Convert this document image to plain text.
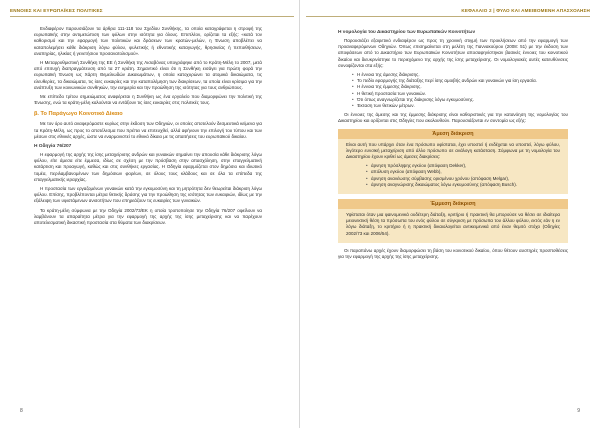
ΕΝΝΟΙΕΣ ΚΑΙ ΕΥΡΩΠΑΪΚΕΣ ΠΟΛΙΤΙΚΕΣ

Ενδιαφέρον παρουσιάζουν τα άρθρα 111-118 του Σχεδίου Συνθήκης, τα οποία καταγράφεται η στροφή της ευρωπαϊκής στην αντιμετώπιση των φύλων στην ισότητα για όλους. Επιπλέον, ορίζεται τα εξής: «κατά τον καθορισμό και την εφαρμογή των πολιτικών και δράσεων των κρατών-μελών, η Ένωση αποβλέπει να καταπολεμήσει κάθε διάκριση λόγω φύλου, φυλετικής ή εθνοτικής καταγωγής, θρησκείας ή πεποιθήσεων, αναπηρίας, ηλικίας ή γενετήσιου προσανατολισμού».

Η Μεταρρυθμιστική Συνθήκη της ΕΕ ή Συνθήκη της Λισαβόνας υπογράφηκε από το Κράτη-Μέλη το 2007, μετά από επιτυχή διαπραγμάτευση από τα 27 κράτη. Σημαντικό είναι ότι η Συνθήκη εισάγει για πρώτη φορά την ευρωπαϊκή Ένωση ως Χάρτη Θεμελιωδών Δικαιωμάτων, η οποία κατοχυρώνει τα ατομικά δικαιώματα, τις ελευθερίες, τα δικαιώματα, τις ίσες ευκαιρίες και την καταπολέμηση των διακρίσεων, τα οποία είναι κρίσιμα για την ανάπτυξη των κοινωνικών συνθηκών, την ευημερία και την προώθηση της ισότητας για τους ανθρώπους.

Με επίπεδο τρίτου σημειώματος αναφέρεται η Συνθήκη ως ένα εργαλείο που διαμορφώνει την πολιτική της Ένωσης, ενώ τα κράτη-μέλη καλούνται να εντάξουν τις ίσες ευκαιρίες στις πολιτικές τους.

β. Το Παράγωγο Κοινοτικό Δίκαιο

Με τον όρο αυτό αναφερόμαστε κυρίως στην έκδοση των Οδηγιών, οι οποίες αποτελούν δεσμευτικά κείμενα για τα Κράτη-Μέλη, ως προς το αποτέλεσμα που πρέπει να επιτευχθεί, αλλά αφήνουν την επιλογή του τύπου και των μέσων στις εθνικές αρχές, ώστε να εναρμονιστεί το εθνικό δίκαιο με τις απαιτήσεις του ευρωπαϊκού δικαίου.

Η Οδηγία 76/207

Η εφαρμογή της αρχής της ίσης μεταχείρισης ανδρών και γυναικών σημαίνει την απουσία κάθε διάκρισης λόγω φύλου, είτε άμεσα είτε έμμεσα, ιδίως σε σχέση με την πρόσβαση στην απασχόληση, στην επαγγελματική κατάρτιση και προαγωγή, καθώς και στις συνθήκες εργασίας. Η Οδηγία εφαρμόζεται στον δημόσιο και ιδιωτικό τομέα, περιλαμβανομένων των δημόσιων φορέων, σε όλους τους κλάδους και σε όλα τα επίπεδα της επαγγελματικής ιεραρχίας.

Η προστασία των εργαζομένων γυναικών κατά την εγκυμοσύνη και τη μητρότητα δεν θεωρείται διάκριση λόγω φύλου. Επίσης, προβλέπονται μέτρα θετικής δράσης για την προώθηση της ισότητας των ευκαιριών, ιδίως με την εξάλειψη των υφιστάμενων ανισοτήτων που επηρεάζουν τις ευκαιρίες των γυναικών.

Τα κράτη-μέλη σύμφωνα με την Οδηγία 2002/73/ΕΚ η οποία τροποποίησε την Οδηγία 76/207 οφείλουν να λαμβάνουν τα απαραίτητα μέτρα για την εφαρμογή της αρχής της ίσης μεταχείρισης και να παρέχουν αποτελεσματική δικαστική προστασία στα θύματα των διακρίσεων.

8
ΚΕΦΑΛΑΙΟ 2 | ΦΥΛΟ ΚΑΙ ΑΜΕΙΒΟΜΕΝΗ ΑΠΑΣΧΟΛΗΣΗ
Η νομολογία του Δικαστηρίου των Ευρωπαϊκών Κοινοτήτων

Παρουσιάζει εξαιρετικό ενδιαφέρον ως προς τη χρονική στιγμή των προκλήσεων από την εφαρμογή των προαναφερόμενων Οδηγιών. Όπως επισημαίνεται στη μελέτη της Γιαννακούρου (2008: 51) με την έκδοση των αποφάσεων από το Δικαστήριο των Ευρωπαϊκών Κοινοτήτων αποσαφηνίστηκαν βασικές έννοιες του κοινοτικού δικαίου και διευκρινίστηκε το περιεχόμενο της αρχής της ίσης μεταχείρισης. Οι νομολογιακές αυτές κατευθύνσεις συνοψίζονται στα εξής:

• Η έννοια της άμεσης διάκρισης.
• Το πεδίο εφαρμογής της διάταξης περί ίσης αμοιβής ανδρών και γυναικών για ίση εργασία.
• Η έννοια της έμμεσης διάκρισης.
• Η θετική προστασία των γυναικών.
• Ότι όπως αναγνωρίζεται της διάκρισης λόγω εγκυμοσύνης.
• Έκταση των θετικών μέτρων.

Οι έννοιες της άμεσης και της έμμεσης διάκρισης είναι καθοριστικές για την κατανόηση της νομολογίας του Δικαστηρίου και ορίζονται στις Οδηγίες που ακολουθούν. Παρουσιάζονται εν συντομία ως εξής:

Άμεση διάκριση

Είναι αυτή που υπάρχει όταν ένα πρόσωπο υφίσταται, έχει υποστεί ή ενδέχεται να υποστεί, λόγω φύλου, λιγότερο ευνοϊκή μεταχείριση από άλλο πρόσωπο σε ανάλογη κατάσταση. Σύμφωνα με τη νομολογία του Δικαστηρίου έχουν κριθεί ως άμεσες διακρίσεις:

• άρνηση πρόσληψης εγκύου (απόφαση Dekker),
• απόλυση εγκύου (απόφαση Webb),
• άρνηση ανανέωσης σύμβασης ορισμένου χρόνου (απόφαση Melgar),
• άρνηση αναγνώρισης δικαιώματος λόγω εγκυμοσύνης (απόφαση Busch).
Έμμεση διάκριση

Υφίσταται όταν μια φαινομενικά ουδέτερη διάταξη, κριτήριο ή πρακτική θα μπορούσε να θέσει σε ιδιαίτερα μειονεκτική θέση τα πρόσωπα του ενός φύλου σε σύγκριση με πρόσωπα του άλλου φύλου, εκτός εάν η εν λόγω διάταξη, το κριτήριο ή η πρακτική δικαιολογείται αντικειμενικά από έναν θεμιτό στόχο (Οδηγίες 2002/73 και 2006/54).

Οι παραπάνω αρχές έχουν διαμορφώσει τη βάση του κοινοτικού δικαίου, όπου θέτουν αυστηρές προϋποθέσεις για την εφαρμογή της αρχής της ίσης μεταχείρισης.

9
